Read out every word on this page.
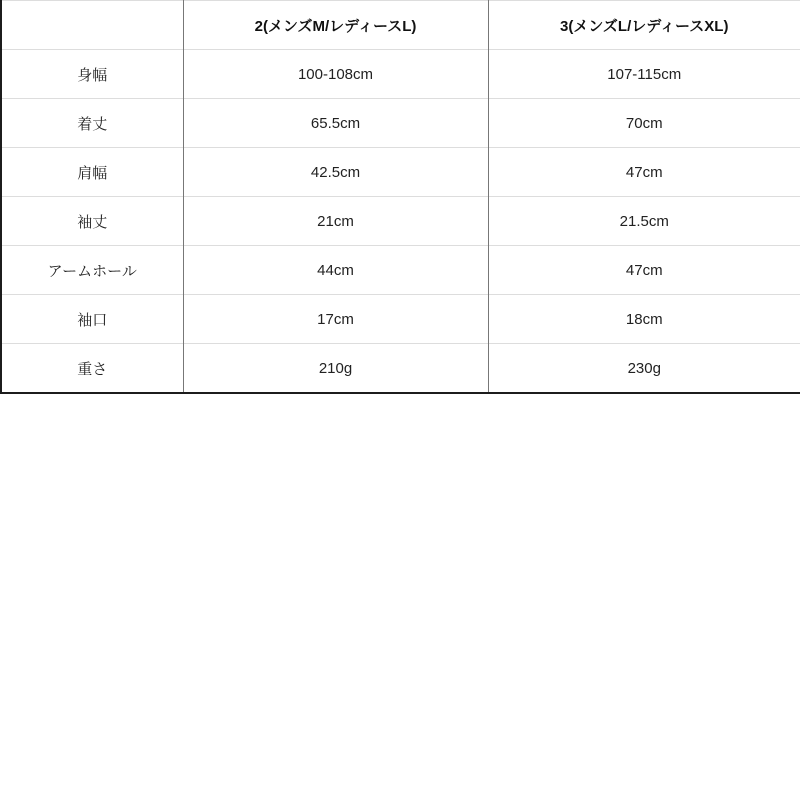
	2(メンズM/レディースL)	3(メンズL/レディースXL)
身幅	100-108cm	107-115cm
着丈	65.5cm	70cm
肩幅	42.5cm	47cm
袖丈	21cm	21.5cm
アームホール	44cm	47cm
袖口	17cm	18cm
重さ	210g	230g
